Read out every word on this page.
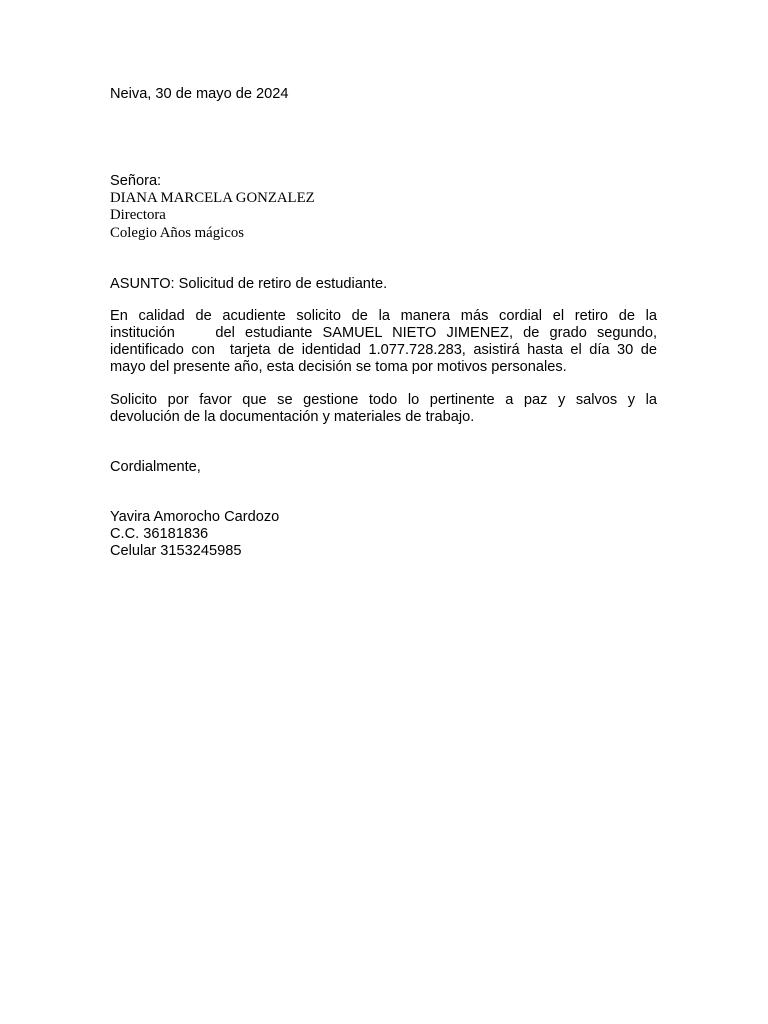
Neiva, 30 de mayo de 2024
Señora:
DIANA MARCELA GONZALEZ
Directora
Colegio Años mágicos
ASUNTO: Solicitud de retiro de estudiante.
En calidad de acudiente solicito de la manera más cordial el retiro de la
institución    del estudiante SAMUEL NIETO JIMENEZ, de grado segundo,
identificado con  tarjeta de identidad 1.077.728.283, asistirá hasta el día 30 de
mayo del presente año, esta decisión se toma por motivos personales.
Solicito por favor que se gestione todo lo pertinente a paz y salvos y la
devolución de la documentación y materiales de trabajo.
Cordialmente,
Yavira Amorocho Cardozo
C.C. 36181836
Celular 3153245985
